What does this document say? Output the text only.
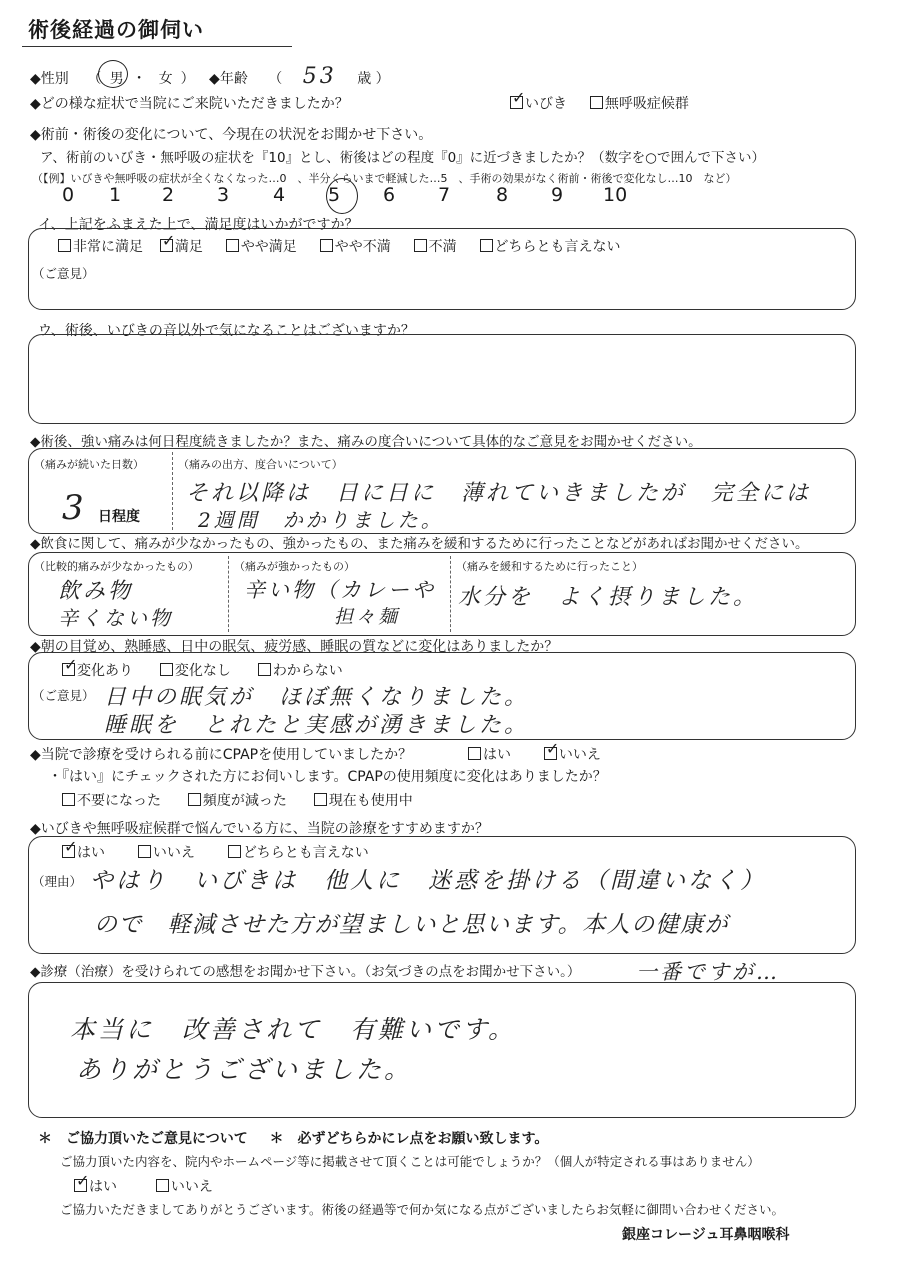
術後経過の御伺い
◆性別 （ 男 ・ 女 ） ◆年齢 （ 53 歳 ）
◆どの様な症状で当院にご来院いただきましたか？ ✓	いびき	無呼吸症候群
◆術前・術後の変化について、今現在の状況をお聞かせ下さい。
ア、術前のいびき・無呼吸の症状を『10』とし、術後はどの程度『0』に近づきましたか？（数字を○で囲んで下さい）
（【例】いびきや無呼吸の症状が全くなくなった…0　、半分くらいまで軽減した…5　、手術の効果がなく術前・術後で変化なし…10　など）
0 1 2 3 4 5 6 7 8 9 10
イ、上記をふまえた上で、満足度はいかがですか？
非常に満足 ✓ 満足	やや満足	やや不満	不満	どちらとも言えない
（ご意見）
ウ、術後、いびきの音以外で気になることはございますか？
◆術後、強い痛みは何日程度続きましたか？また、痛みの度合いについて具体的なご意見をお聞かせください。
（痛みが続いた日数）
3 日程度
（痛みの出方、度合いについて）
それ以降は　日に日に　薄れていきましたが　完全には
2週間　かかりました。
◆飲食に関して、痛みが少なかったもの、強かったもの、また痛みを緩和するために行ったことなどがあればお聞かせください。
（比較的痛みが少なかったもの）
飲み物
辛くない物
（痛みが強かったもの）
辛い物（カレーや
担々麺
（痛みを緩和するために行ったこと）
水分を　よく摂りました。
◆朝の目覚め、熟睡感、日中の眠気、疲労感、睡眠の質などに変化はありましたか？
✓変化あり	変化なし	わからない
（ご意見） 日中の眠気が　ほぼ無くなりました。
睡眠を　とれたと実感が湧きました。
◆当院で診療を受けられる前にCPAPを使用していましたか？	はい ✓	いいえ
・『はい』にチェックされた方にお伺いします。CPAPの使用頻度に変化はありましたか？
不要になった	頻度が減った	現在も使用中
◆いびきや無呼吸症候群で悩んでいる方に、当院の診療をすすめますか？
✓はい	いいえ	どちらとも言えない
（理由） やはり　いびきは　他人に　迷惑を掛ける（間違いなく）
ので　軽減させた方が望ましいと思います。本人の健康が
一番ですが…
◆診療（治療）を受けられての感想をお聞かせ下さい。（お気づきの点をお聞かせ下さい。）
本当に　改善されて　有難いです。
ありがとうございました。
＊　ご協力頂いたご意見について ＊　必ずどちらかにレ点をお願い致します。
ご協力頂いた内容を、院内やホームページ等に掲載させて頂くことは可能でしょうか？（個人が特定される事はありません）
✓はい	いいえ
ご協力いただきましてありがとうございます。術後の経過等で何か気になる点がございましたらお気軽に御問い合わせください。
銀座コレージュ耳鼻咽喉科
